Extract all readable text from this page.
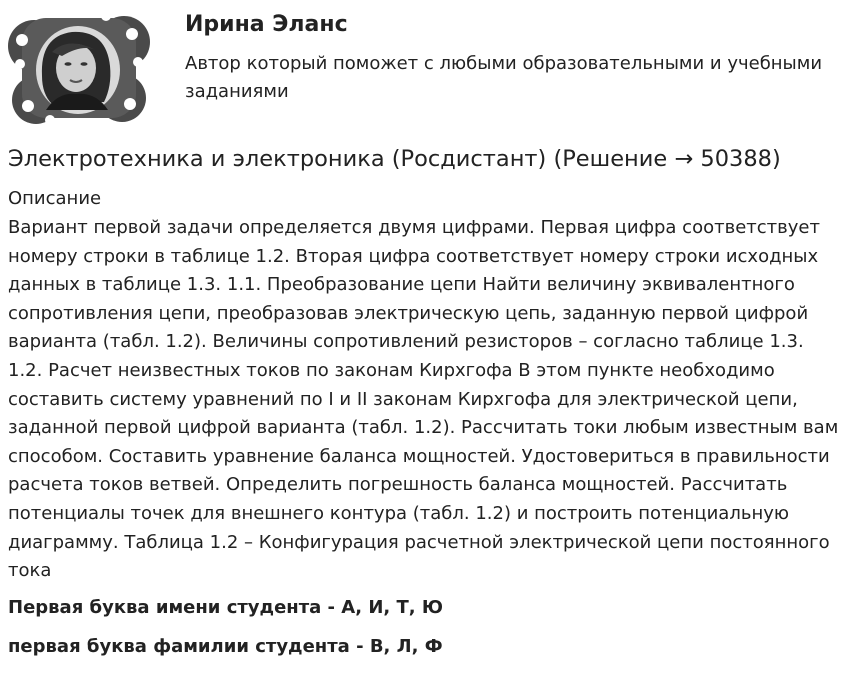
Ирина Эланс
Автор который поможет с любыми образовательными и учебными заданиями
Электротехника и электроника (Росдистант) (Решение → 50388)
Описание
Вариант первой задачи определяется двумя цифрами. Первая цифра соответствует номеру строки в таблице 1.2. Вторая цифра соответствует номеру строки исходных данных в таблице 1.3. 1.1. Преобразование цепи Найти величину эквивалентного сопротивления цепи, преобразовав электрическую цепь, заданную первой цифрой варианта (табл. 1.2). Величины сопротивлений резисторов – согласно таблице 1.3. 1.2. Расчет неизвестных токов по законам Кирхгофа В этом пункте необходимо составить систему уравнений по I и II законам Кирхгофа для электрической цепи, заданной первой цифрой варианта (табл. 1.2). Рассчитать токи любым известным вам способом. Составить уравнение баланса мощностей. Удостовериться в правильности расчета токов ветвей. Определить погрешность баланса мощностей. Рассчитать потенциалы точек для внешнего контура (табл. 1.2) и построить потенциальную диаграмму. Таблица 1.2 – Конфигурация расчетной электрической цепи постоянного тока
Первая буква имени студента - А, И, Т, Ю
первая буква фамилии студента - В, Л, Ф
